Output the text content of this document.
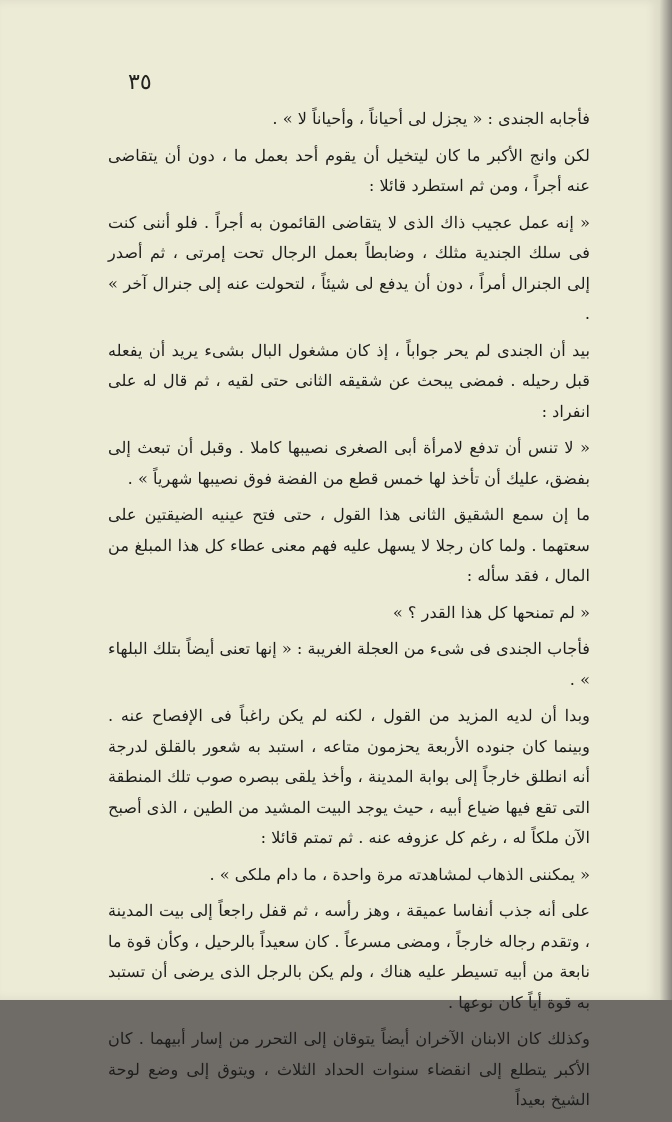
٣٥

فأجابه الجندى : « يجزل لى أحياناً ، وأحياناً لا » .

لكن وانج الأكبر ما كان ليتخيل أن يقوم أحد بعمل ما ، دون أن يتقاضى عنه أجراً ، ومن ثم استطرد قائلا :

« إنه عمل عجيب ذاك الذى لا يتقاضى القائمون به أجراً . فلو أننى كنت فى سلك الجندية مثلك ، وضابطاً بعمل الرجال تحت إمرتى ، ثم أصدر إلى الجنرال أمراً ، دون أن يدفع لى شيئاً ، لتحولت عنه إلى جنرال آخر » .

بيد أن الجندى لم يحر جواباً ، إذ كان مشغول البال بشىء يريد أن يفعله قبل رحيله . فمضى يبحث عن شقيقه الثانى حتى لقيه ، ثم قال له على انفراد :

« لا تنس أن تدفع لامرأة أبى الصغرى نصيبها كاملا . وقبل أن تبعث إلى بفضق، عليك أن تأخذ لها خمس قطع من الفضة فوق نصيبها شهرياً » .

ما إن سمع الشقيق الثانى هذا القول ، حتى فتح عينيه الضيقتين على سعتهما . ولما كان رجلا لا يسهل عليه فهم معنى عطاء كل هذا المبلغ من المال ، فقد سأله :

« لم تمنحها كل هذا القدر ؟ »

فأجاب الجندى فى شىء من العجلة الغريبة : « إنها تعنى أيضاً بتلك البلهاء » .

وبدا أن لديه المزيد من القول ، لكنه لم يكن راغباً فى الإفصاح عنه . وبينما كان جنوده الأربعة يحزمون متاعه ، استبد به شعور بالقلق لدرجة أنه انطلق خارجاً إلى بوابة المدينة ، وأخذ يلقى ببصره صوب تلك المنطقة التى تقع فيها ضياع أبيه ، حيث يوجد البيت المشيد من الطين ، الذى أصبح الآن ملكاً له ، رغم كل عزوفه عنه . ثم تمتم قائلا :

« يمكننى الذهاب لمشاهدته مرة واحدة ، ما دام ملكى » .

على أنه جذب أنفاسا عميقة ، وهز رأسه ، ثم قفل راجعاً إلى بيت المدينة ، وتقدم رجاله خارجاً ، ومضى مسرعاً . كان سعيداً بالرحيل ، وكأن قوة ما نابعة من أبيه تسيطر عليه هناك ، ولم يكن بالرجل الذى يرضى أن تستبد به قوة أياً كان نوعها .

وكذلك كان الابنان الآخران أيضاً يتوقان إلى التحرر من إسار أبيهما . كان الأكبر يتطلع إلى انقضاء سنوات الحداد الثلاث ، ويتوق إلى وضع لوحة الشيخ بعيداً
